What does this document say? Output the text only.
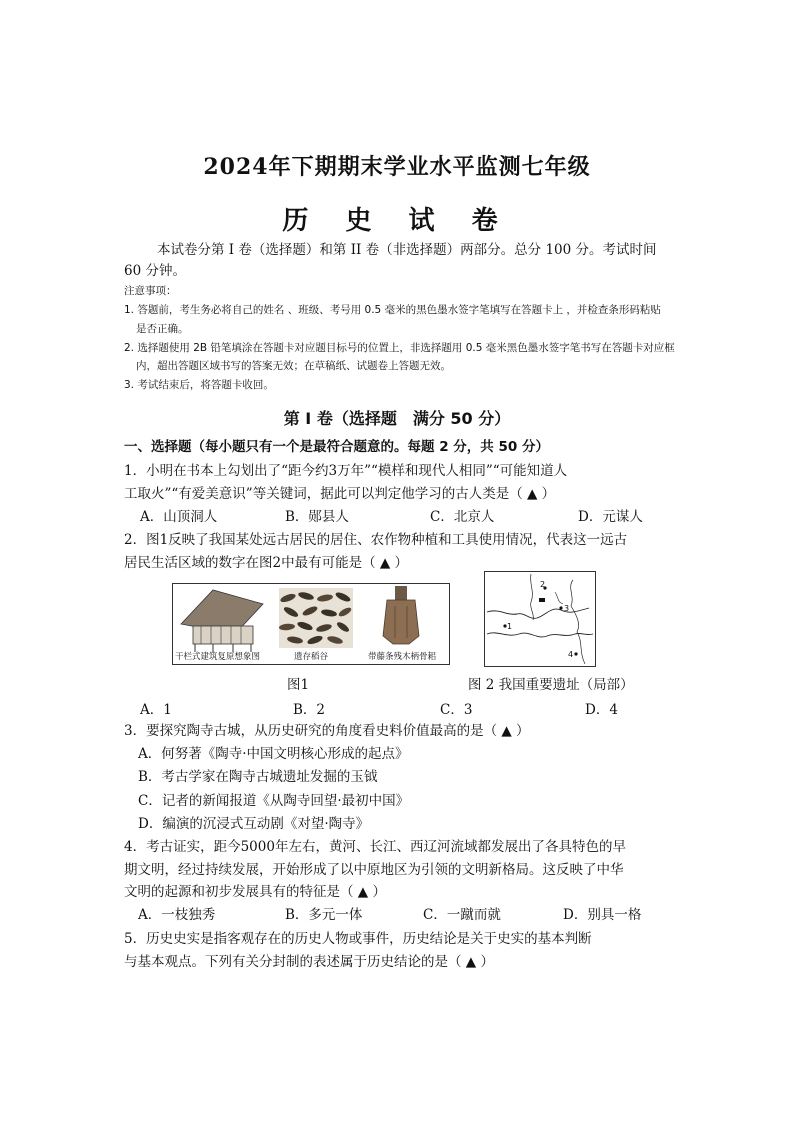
2024年下期期末学业水平监测七年级
历 史 试 卷
本试卷分第 I 卷（选择题）和第 II 卷（非选择题）两部分。总分 100 分。考试时间
60 分钟。
注意事项：
1. 答题前，考生务必将自己的姓名 、班级、考号用 0.5 毫米的黑色墨水签字笔填写在答题卡上 ，并检查条形码粘贴
是否正确。
2. 选择题使用 2B 铅笔填涂在答题卡对应题目标号的位置上，非选择题用 0.5 毫米黑色墨水签字笔书写在答题卡对应框
内，超出答题区域书写的答案无效；在草稿纸、试题卷上答题无效。
3. 考试结束后，将答题卡收回。
第 I 卷（选择题　满分 50 分）
一、选择题（每小题只有一个是最符合题意的。每题 2 分，共 50 分）
1．小明在书本上勾划出了“距今约3万年”“模样和现代人相同”“可能知道人
工取火”“有爱美意识”等关键词，据此可以判定他学习的古人类是（ ▲ ）
A．山顶洞人	B．郧县人	C．北京人	D．元谋人
2．图1反映了我国某处远古居民的居住、农作物种植和工具使用情况，代表这一远古
居民生活区域的数字在图2中最有可能是（ ▲ ）
干栏式建筑复原想象图	遗存稻谷	带藤条残木柄骨耜
1
2
3
4
图1	图 2 我国重要遗址（局部）
A．1	B．2	C．3	D．4
3．要探究陶寺古城，从历史研究的角度看史料价值最高的是（ ▲ ）
A．何努著《陶寺·中国文明核心形成的起点》
B．考古学家在陶寺古城遗址发掘的玉钺
C．记者的新闻报道《从陶寺回望·最初中国》
D．编演的沉浸式互动剧《对望·陶寺》
4．考古证实，距今5000年左右，黄河、长江、西辽河流域都发展出了各具特色的早
期文明，经过持续发展，开始形成了以中原地区为引领的文明新格局。这反映了中华
文明的起源和初步发展具有的特征是（ ▲ ）
A．一枝独秀	B．多元一体	C．一蹴而就	D．别具一格
5．历史史实是指客观存在的历史人物或事件，历史结论是关于史实的基本判断
与基本观点。下列有关分封制的表述属于历史结论的是（ ▲ ）
